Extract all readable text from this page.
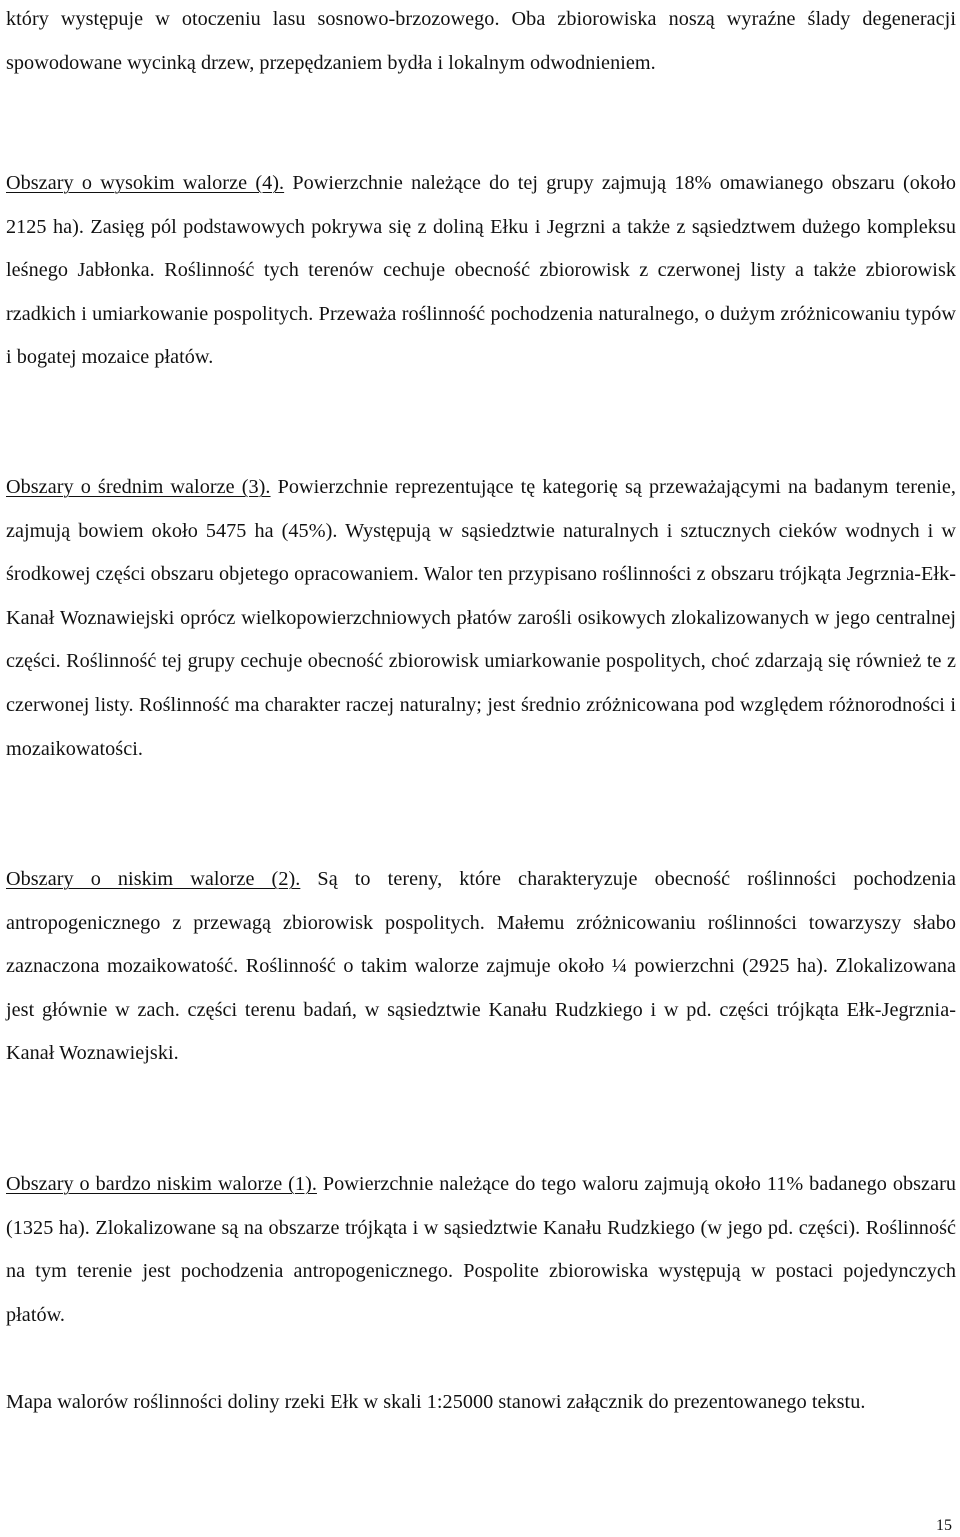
który występuje w otoczeniu lasu sosnowo-brzozowego. Oba zbiorowiska noszą wyraźne ślady degeneracji spowodowane wycinką drzew, przepędzaniem bydła i lokalnym odwodnieniem.

Obszary o wysokim walorze (4). Powierzchnie należące do tej grupy zajmują 18% omawianego obszaru (około 2125 ha). Zasięg pól podstawowych pokrywa się z doliną Ełku i Jegrzni a także z sąsiedztwem dużego kompleksu leśnego Jabłonka. Roślinność tych terenów cechuje obecność zbiorowisk z czerwonej listy a także zbiorowisk rzadkich i umiarkowanie pospolitych. Przeważa roślinność pochodzenia naturalnego, o dużym zróżnicowaniu typów i bogatej mozaice płatów.

Obszary o średnim walorze (3). Powierzchnie reprezentujące tę kategorię są przeważającymi na badanym terenie, zajmują bowiem około 5475 ha (45%). Występują w sąsiedztwie naturalnych i sztucznych cieków wodnych i w środkowej części obszaru objetego opracowaniem. Walor ten przypisano roślinności z obszaru trójkąta Jegrznia-Ełk-Kanał Woznawiejski oprócz wielkopowierzchniowych płatów zarośli osikowych zlokalizowanych w jego centralnej części. Roślinność tej grupy cechuje obecność zbiorowisk umiarkowanie pospolitych, choć zdarzają się również te z czerwonej listy. Roślinność ma charakter raczej naturalny; jest średnio zróżnicowana pod względem różnorodności i mozaikowatości.

Obszary o niskim walorze (2). Są to tereny, które charakteryzuje obecność roślinności pochodzenia antropogenicznego z przewagą zbiorowisk pospolitych. Małemu zróżnicowaniu roślinności towarzyszy słabo zaznaczona mozaikowatość. Roślinność o takim walorze zajmuje około ¼ powierzchni (2925 ha). Zlokalizowana jest głównie w zach. części terenu badań, w sąsiedztwie Kanału Rudzkiego i w pd. części trójkąta Ełk-Jegrznia-Kanał Woznawiejski.

Obszary o bardzo niskim walorze (1). Powierzchnie należące do tego waloru zajmują około 11% badanego obszaru (1325 ha). Zlokalizowane są na obszarze trójkąta i w sąsiedztwie Kanału Rudzkiego (w jego pd. części). Roślinność na tym terenie jest pochodzenia antropogenicznego. Pospolite zbiorowiska występują w postaci pojedynczych płatów.

Mapa walorów roślinności doliny rzeki Ełk w skali 1:25000 stanowi załącznik do prezentowanego tekstu.

15
